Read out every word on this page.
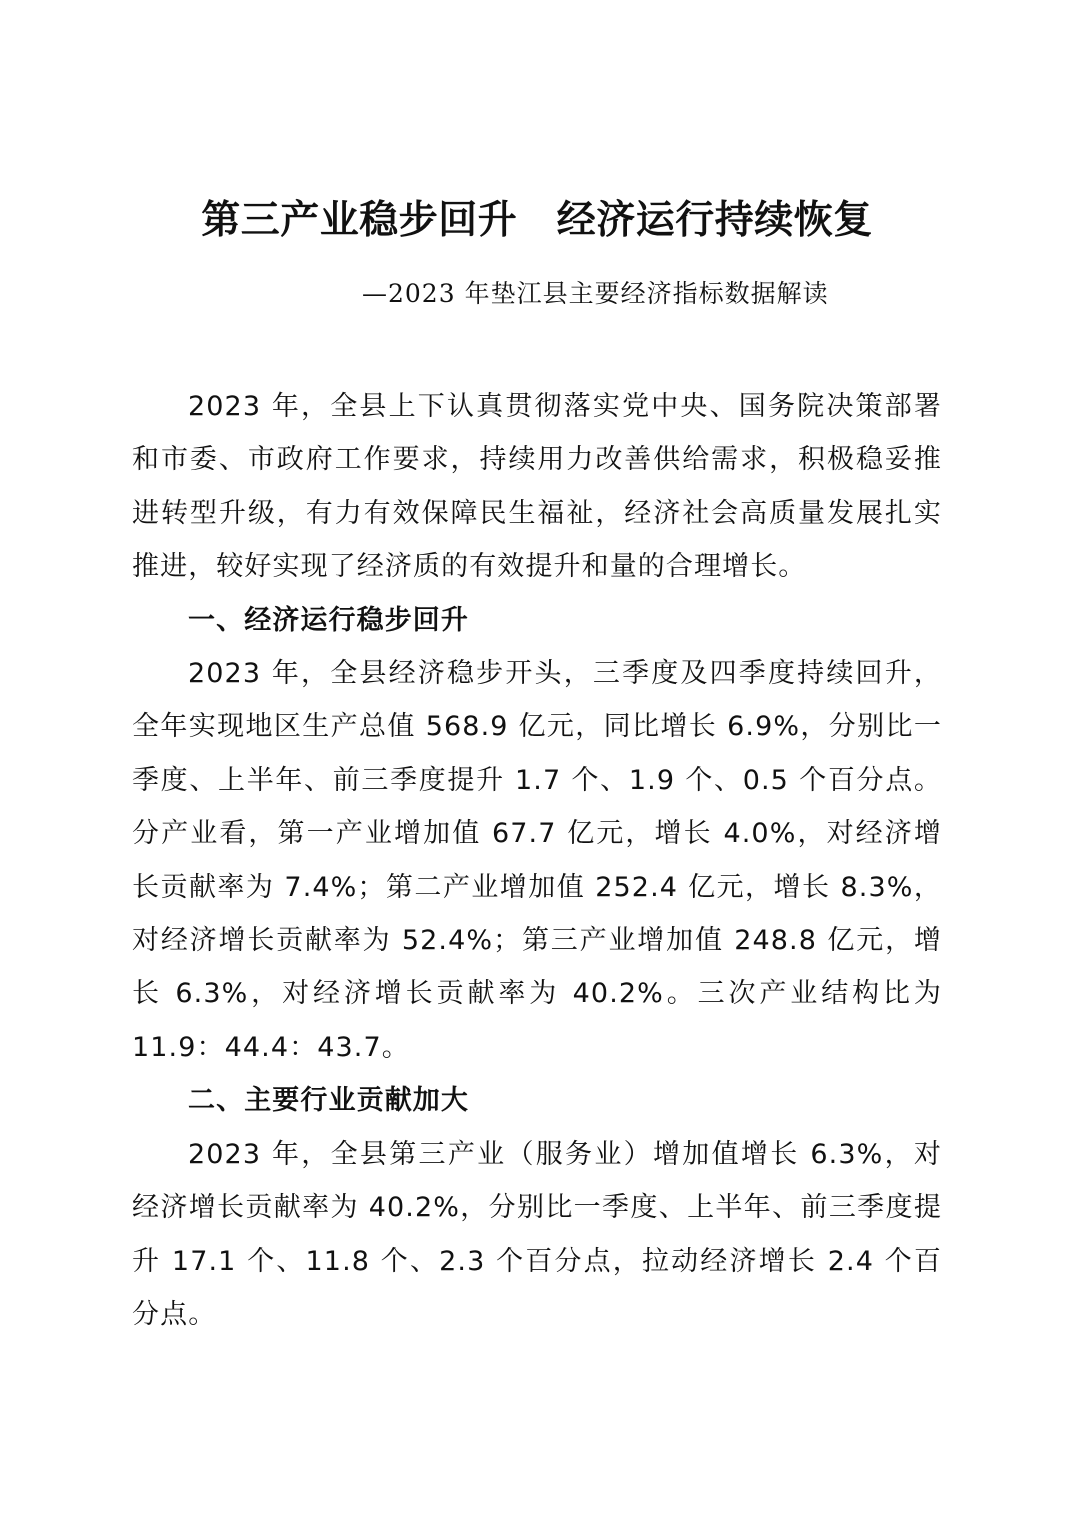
第三产业稳步回升　经济运行持续恢复
—2023 年垫江县主要经济指标数据解读

2023 年，全县上下认真贯彻落实党中央、国务院决策部署和市委、市政府工作要求，持续用力改善供给需求，积极稳妥推进转型升级，有力有效保障民生福祉，经济社会高质量发展扎实推进，较好实现了经济质的有效提升和量的合理增长。

一、经济运行稳步回升

2023 年，全县经济稳步开头，三季度及四季度持续回升，全年实现地区生产总值 568.9 亿元，同比增长 6.9%，分别比一季度、上半年、前三季度提升 1.7 个、1.9 个、0.5 个百分点。分产业看，第一产业增加值 67.7 亿元，增长 4.0%，对经济增长贡献率为 7.4%；第二产业增加值 252.4 亿元，增长 8.3%，对经济增长贡献率为 52.4%；第三产业增加值 248.8 亿元，增长 6.3%，对经济增长贡献率为 40.2%。三次产业结构比为 11.9：44.4：43.7。

二、主要行业贡献加大

2023 年，全县第三产业（服务业）增加值增长 6.3%，对经济增长贡献率为 40.2%，分别比一季度、上半年、前三季度提升 17.1 个、11.8 个、2.3 个百分点，拉动经济增长 2.4 个百分点。
